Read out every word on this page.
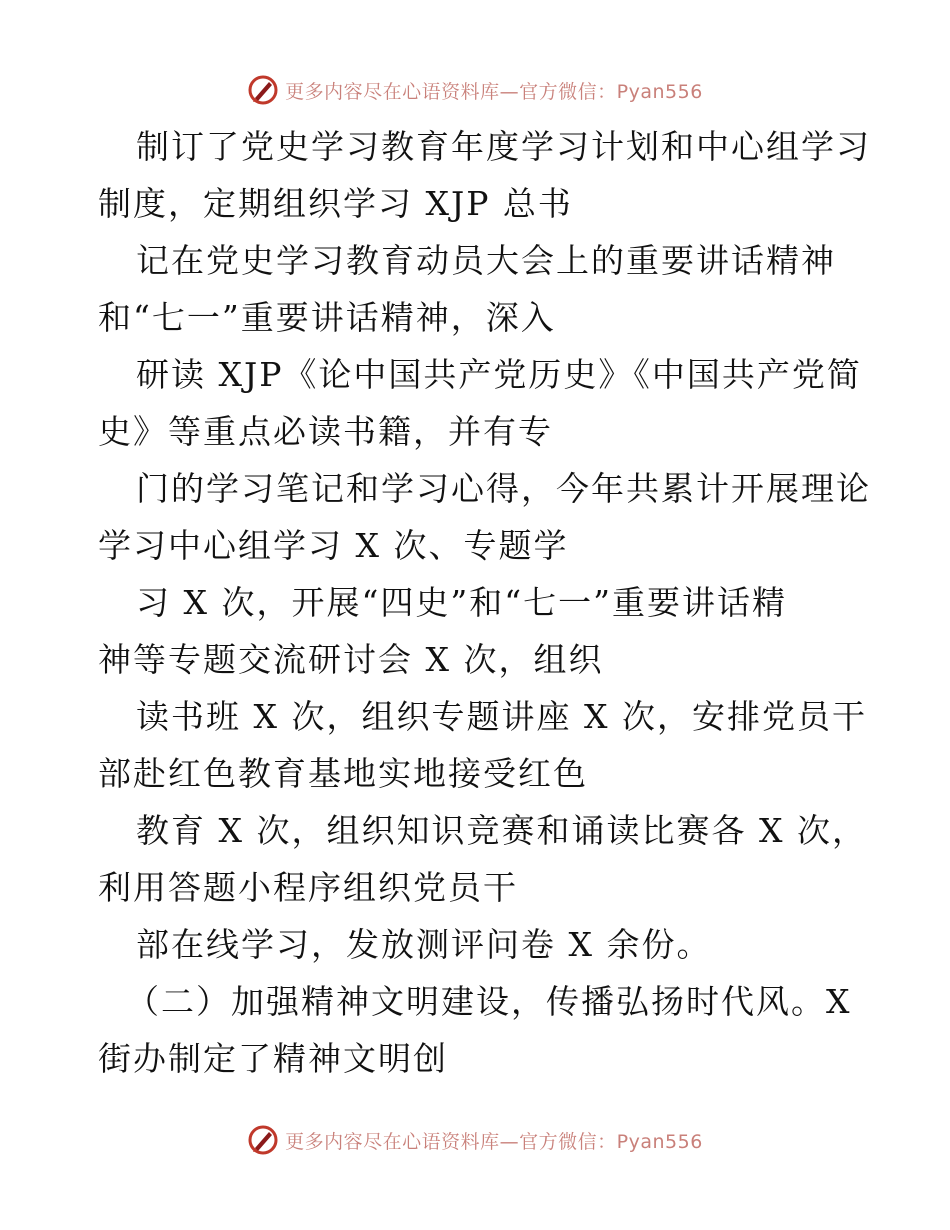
更多内容尽在心语资料库—官方微信：Pyan556
制订了党史学习教育年度学习计划和中心组学习
制度，定期组织学习 XJP 总书
记在党史学习教育动员大会上的重要讲话精神
和“七一”重要讲话精神，深入
研读 XJP《论中国共产党历史》《中国共产党简
史》等重点必读书籍，并有专
门的学习笔记和学习心得，今年共累计开展理论
学习中心组学习 X 次、专题学
习 X 次，开展“四史”和“七一”重要讲话精
神等专题交流研讨会 X 次，组织
读书班 X 次，组织专题讲座 X 次，安排党员干
部赴红色教育基地实地接受红色
教育 X 次，组织知识竞赛和诵读比赛各 X 次，
利用答题小程序组织党员干
部在线学习，发放测评问卷 X 余份。
（二）加强精神文明建设，传播弘扬时代风。X
街办制定了精神文明创
更多内容尽在心语资料库—官方微信：Pyan556
